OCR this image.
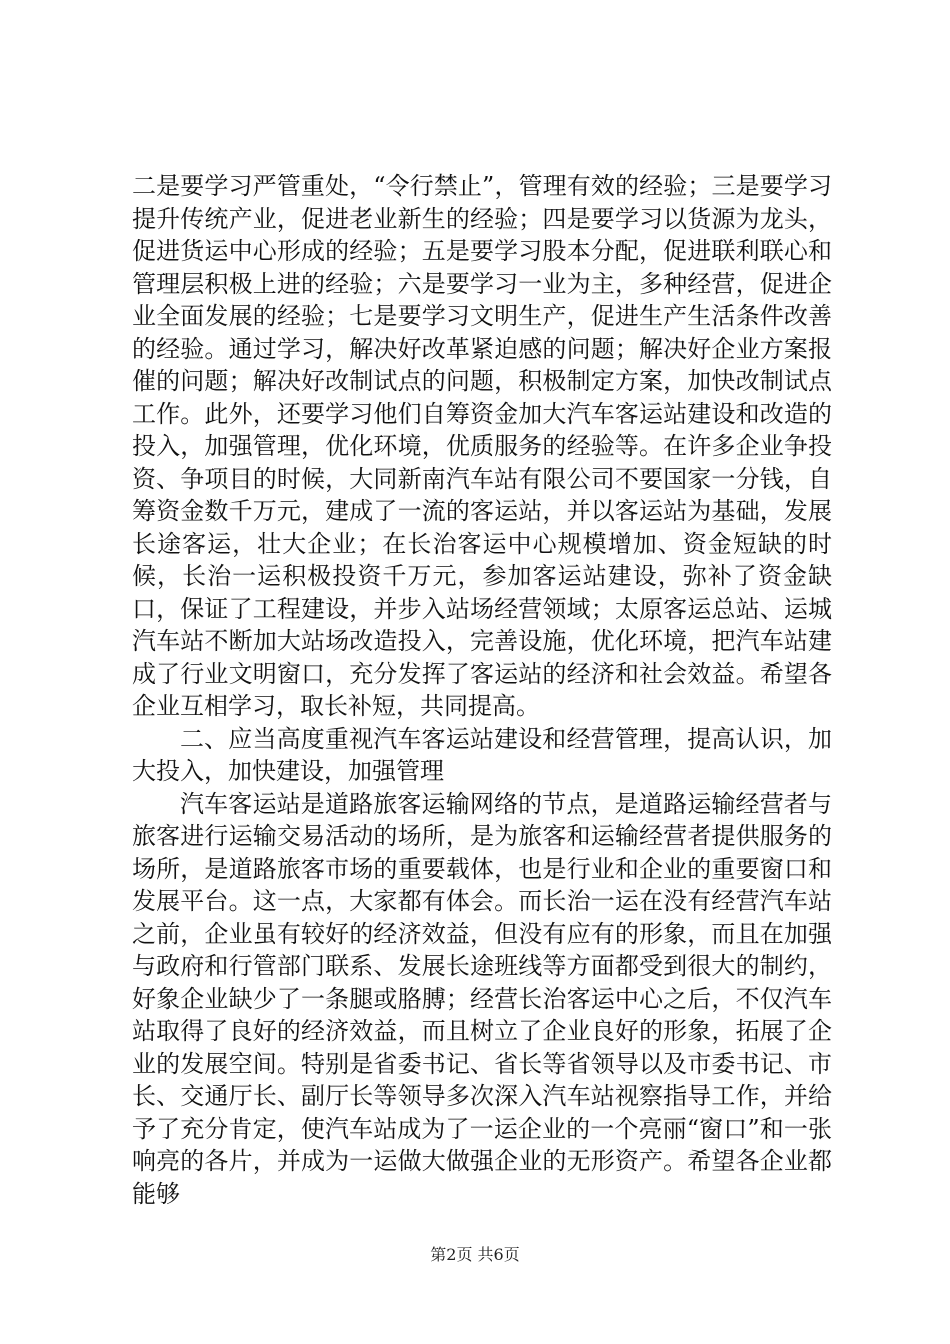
二是要学习严管重处，“令行禁止”，管理有效的经验；三是要学习提升传统产业，促进老业新生的经验；四是要学习以货源为龙头，促进货运中心形成的经验；五是要学习股本分配，促进联利联心和管理层积极上进的经验；六是要学习一业为主，多种经营，促进企业全面发展的经验；七是要学习文明生产，促进生产生活条件改善的经验。通过学习，解决好改革紧迫感的问题；解决好企业方案报催的问题；解决好改制试点的问题，积极制定方案，加快改制试点工作。此外，还要学习他们自筹资金加大汽车客运站建设和改造的投入，加强管理，优化环境，优质服务的经验等。在许多企业争投资、争项目的时候，大同新南汽车站有限公司不要国家一分钱，自筹资金数千万元，建成了一流的客运站，并以客运站为基础，发展长途客运，壮大企业；在长治客运中心规模增加、资金短缺的时候，长治一运积极投资千万元，参加客运站建设，弥补了资金缺口，保证了工程建设，并步入站场经营领域；太原客运总站、运城汽车站不断加大站场改造投入，完善设施，优化环境，把汽车站建成了行业文明窗口，充分发挥了客运站的经济和社会效益。希望各企业互相学习，取长补短，共同提高。

二、应当高度重视汽车客运站建设和经营管理，提高认识，加大投入，加快建设，加强管理

汽车客运站是道路旅客运输网络的节点，是道路运输经营者与旅客进行运输交易活动的场所，是为旅客和运输经营者提供服务的场所，是道路旅客市场的重要载体，也是行业和企业的重要窗口和发展平台。这一点，大家都有体会。而长治一运在没有经营汽车站之前，企业虽有较好的经济效益，但没有应有的形象，而且在加强与政府和行管部门联系、发展长途班线等方面都受到很大的制约，好象企业缺少了一条腿或胳膊；经营长治客运中心之后，不仅汽车站取得了良好的经济效益，而且树立了企业良好的形象，拓展了企业的发展空间。特别是省委书记、省长等省领导以及市委书记、市长、交通厅长、副厅长等领导多次深入汽车站视察指导工作，并给予了充分肯定，使汽车站成为了一运企业的一个亮丽“窗口”和一张响亮的各片，并成为一运做大做强企业的无形资产。希望各企业都能够

第2页 共6页
